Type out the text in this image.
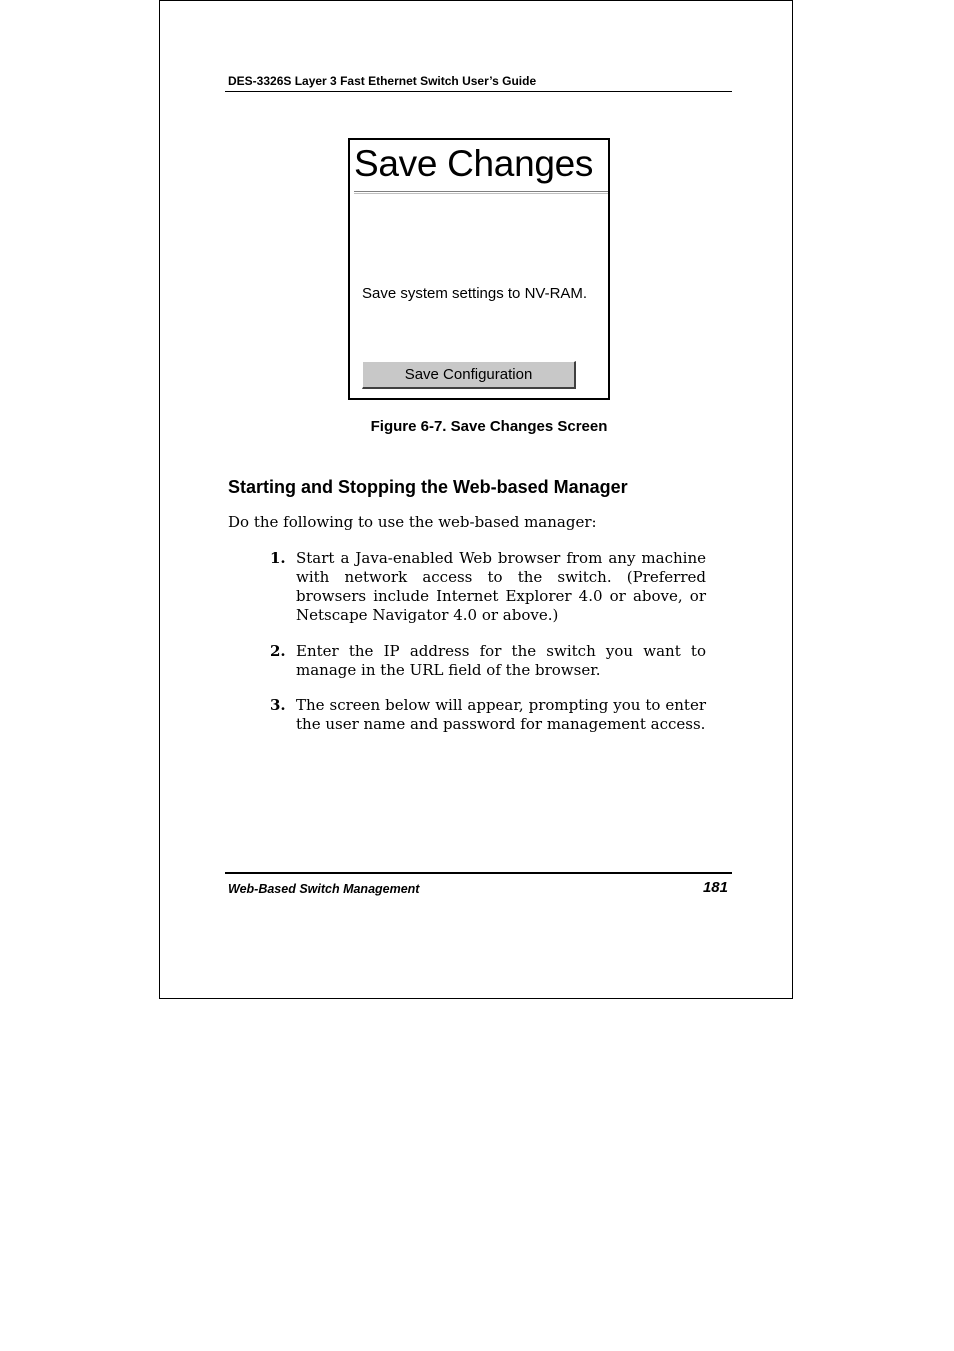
DES-3326S Layer 3 Fast Ethernet Switch User’s Guide
Save Changes
Save system settings to NV-RAM.
Save Configuration
Figure 6-7. Save Changes Screen
Starting and Stopping the Web-based Manager

Do the following to use the web-based manager:

1. Start a Java-enabled Web browser from any machine with network access to the switch. (Preferred browsers include Internet Explorer 4.0 or above, or Netscape Navigator 4.0 or above.)
2. Enter the IP address for the switch you want to manage in the URL field of the browser.
3. The screen below will appear, prompting you to enter the user name and password for management access.
Web-Based Switch Management	181
